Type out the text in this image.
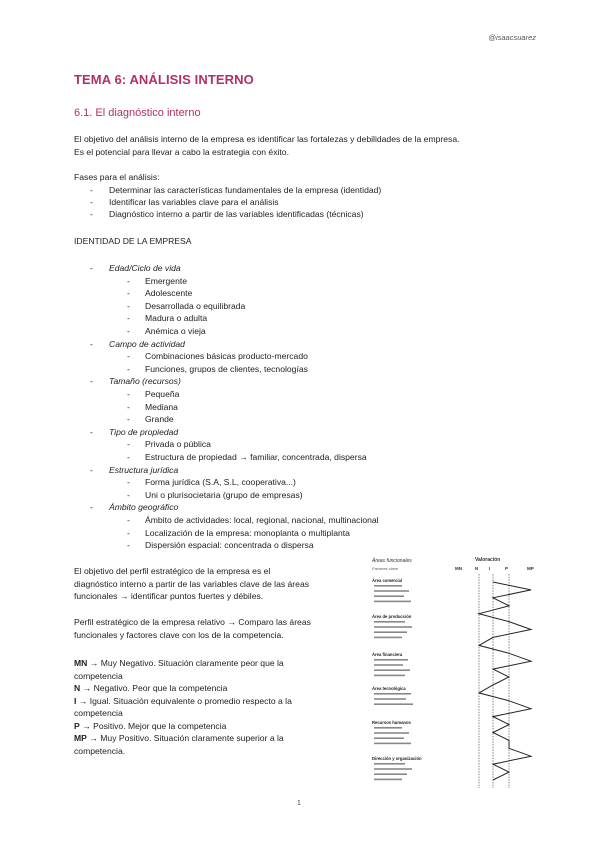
@isaacsuarez
TEMA 6: ANÁLISIS INTERNO
6.1. El diagnóstico interno
El objetivo del análisis interno de la empresa es identificar las fortalezas y debilidades de la empresa.
Es el potencial para llevar a cabo la estrategia con éxito.
Fases para el análisis:
- Determinar las características fundamentales de la empresa (identidad)
- Identificar las variables clave para el análisis
- Diagnóstico interno a partir de las variables identificadas (técnicas)
IDENTIDAD DE LA EMPRESA
- Edad/Ciclo de vida
- Emergente
- Adolescente
- Desarrollada o equilibrada
- Madura o adulta
- Anémica o vieja
- Campo de actividad
- Combinaciones básicas producto-mercado
- Funciones, grupos de clientes, tecnologías
- Tamaño (recursos)
- Pequeña
- Mediana
- Grande
- Tipo de propiedad
- Privada o pública
- Estructura de propiedad → familiar, concentrada, dispersa
- Estructura jurídica
- Forma jurídica (S.A, S.L, cooperativa...)
- Uni o plurisocietaria (grupo de empresas)
- Ámbito geográfico
- Ámbito de actividades: local, regional, nacional, multinacional
- Localización de la empresa: monoplanta o multiplanta
- Dispersión espacial: concentrada o dispersa
El objetivo del perfil estratégico de la empresa es el
diagnóstico interno a partir de las variables clave de las áreas
funcionales → identificar puntos fuertes y débiles.
Perfil estratégico de la empresa relativo → Comparo las áreas
funcionales y factores clave con los de la competencia.
MN → Muy Negativo. Situación claramente peor que la
competencia
N → Negativo. Peor que la competencia
I → Igual. Situación equivalente o promedio respecto a la
competencia
P → Positivo. Mejor que la competencia
MP → Muy Positivo. Situación claramente superior a la
competencia.
Áreas funcionales
Factores clave
Valoración
MN	N I	P	MP
Área comercial
Área de producción
Área financiera
Área tecnológica
Recursos humanos
Dirección y organización
1
